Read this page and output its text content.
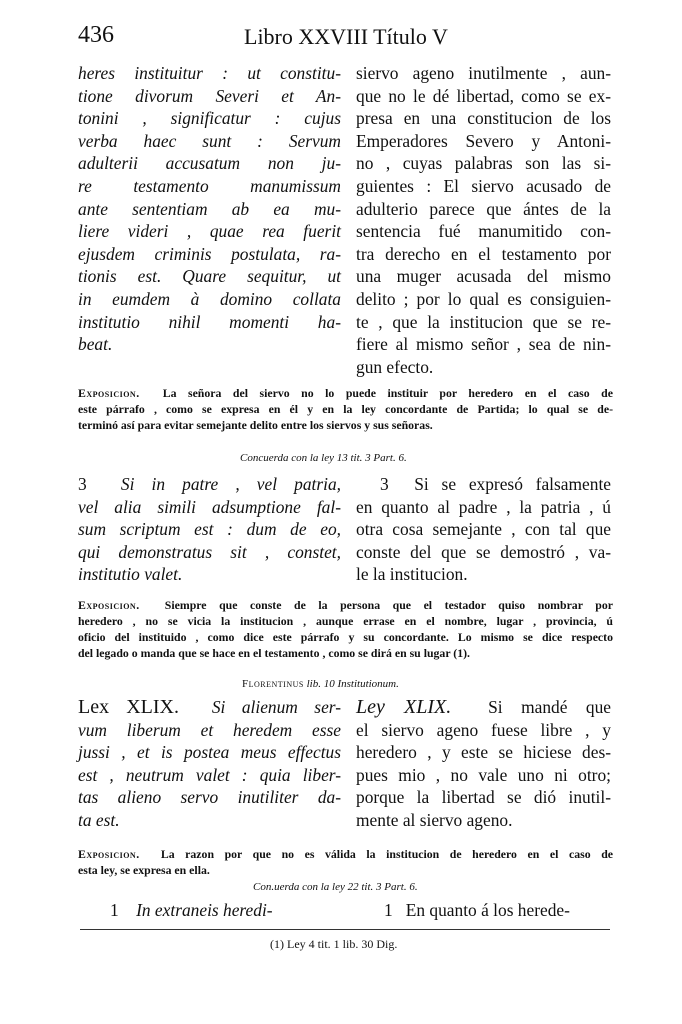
436	Libro XXVIII Título V
heres instituitur : ut constitu-
tione divorum Severi et An-
tonini , significatur : cujus
verba haec sunt : Servum
adulterii accusatum non ju-
re testamento manumissum
ante sententiam ab ea mu-
liere videri , quae rea fuerit
ejusdem criminis postulata, ra-
tionis est. Quare sequitur, ut
in eumdem à domino collata
institutio nihil momenti ha-
beat.
siervo ageno inutilmente , aun-
que no le dé libertad, como se ex-
presa en una constitucion de los
Emperadores Severo y Antoni-
no , cuyas palabras son las si-
guientes : El siervo acusado de
adulterio parece que ántes de la
sentencia fué manumitido con-
tra derecho en el testamento por
una muger acusada del mismo
delito ; por lo qual es consiguien-
te , que la institucion que se re-
fiere al mismo señor , sea de nin-
gun efecto.
Exposicion. La señora del siervo no lo puede instituir por heredero en el caso de
este párrafo , como se expresa en él y en la ley concordante de Partida; lo qual se de-
terminó así para evitar semejante delito entre los siervos y sus señoras.
Concuerda con la ley 13 tit. 3 Part. 6.
3 Si in patre , vel patria,
vel alia simili adsumptione fal-
sum scriptum est : dum de eo,
qui demonstratus sit , constet,
institutio valet.
3 Si se expresó falsamente
en quanto al padre , la patria , ú
otra cosa semejante , con tal que
conste del que se demostró , va-
le la institucion.
Exposicion. Siempre que conste de la persona que el testador quiso nombrar por
heredero , no se vicia la institucion , aunque errase en el nombre, lugar , provincia, ú
oficio del instituido , como dice este párrafo y su concordante. Lo mismo se dice respecto
del legado o manda que se hace en el testamento , como se dirá en su lugar (1).
Florentinus lib. 10 Institutionum.
Lex XLIX. Si alienum ser-
vum liberum et heredem esse
jussi , et is postea meus effectus
est , neutrum valet : quia liber-
tas alieno servo inutiliter da-
ta est.
Ley XLIX. Si mandé que
el siervo ageno fuese libre , y
heredero , y este se hiciese des-
pues mio , no vale uno ni otro;
porque la libertad se dió inutil-
mente al siervo ageno.
Exposicion. La razon por que no es válida la institucion de heredero en el caso de
esta ley, se expresa en ella.
Con.uerda con la ley 22 tit. 3 Part. 6.
1 In extraneis heredi-	1 En quanto á los herede-
(1) Ley 4 tit. 1 lib. 30 Dig.
